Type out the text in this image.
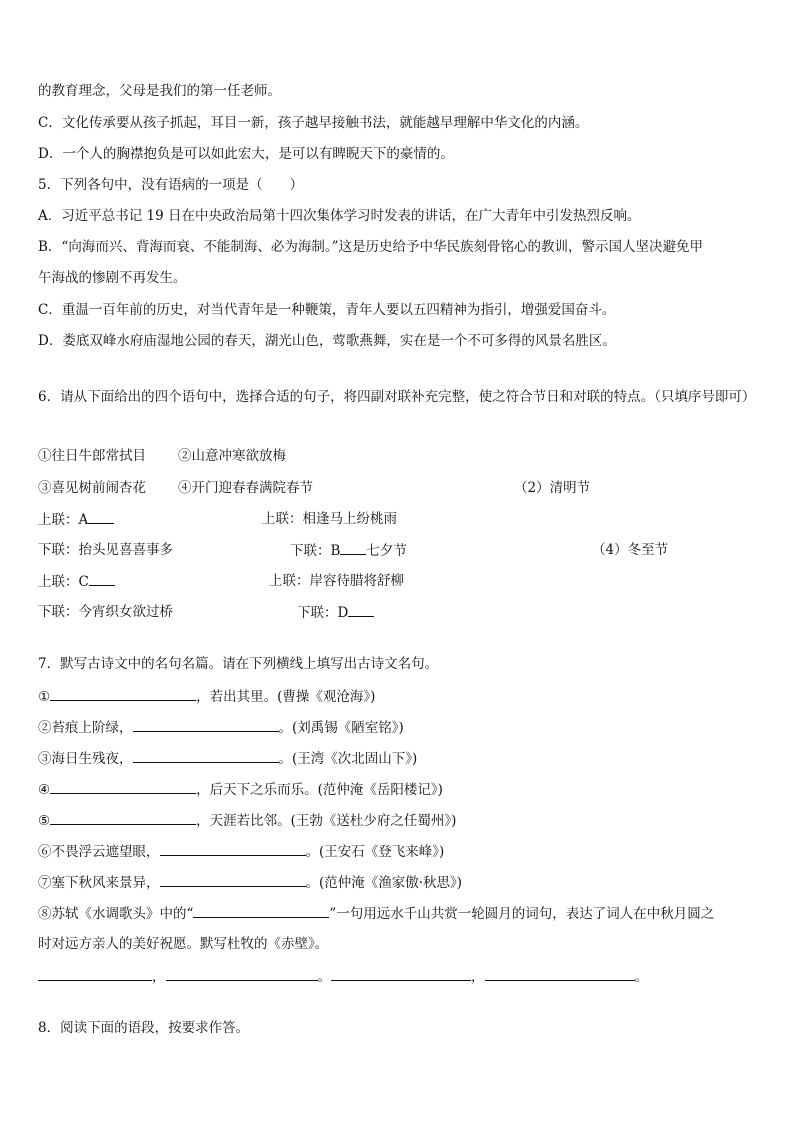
的教育理念，父母是我们的第一任老师。
C．文化传承要从孩子抓起，耳目一新，孩子越早接触书法，就能越早理解中华文化的内涵。
D．一个人的胸襟抱负是可以如此宏大，是可以有睥睨天下的豪情的。
5．下列各句中，没有语病的一项是（　　）
A．习近平总书记 19 日在中央政治局第十四次集体学习时发表的讲话，在广大青年中引发热烈反响。
B．“向海而兴、背海而衰、不能制海、必为海制。”这是历史给予中华民族刻骨铭心的教训，警示国人坚决避免甲
午海战的惨剧不再发生。
C．重温一百年前的历史，对当代青年是一种鞭策，青年人要以五四精神为指引，增强爱国奋斗。
D．娄底双峰水府庙湿地公园的春天，湖光山色，莺歌燕舞，实在是一个不可多得的风景名胜区。
6．请从下面给出的四个语句中，选择合适的句子，将四副对联补充完整，使之符合节日和对联的特点。（只填序号即可）
①往日牛郎常拭目 ②山意冲寒欲放梅
③喜见树前闹杏花 ④开门迎春春满院春节	（2）清明节
上联：A	上联：相逢马上纷桃雨
下联：抬头见喜喜事多	下联：B 七夕节	（4）冬至节
上联：C	上联：岸容待腊将舒柳
下联：今宵织女欲过桥	下联：D
7．默写古诗文中的名句名篇。请在下列横线上填写出古诗文名句。
①	，若出其里。(曹操《观沧海》)
②苔痕上阶绿，	。(刘禹锡《陋室铭》)
③海日生残夜，	。(王湾《次北固山下》)
④	，后天下之乐而乐。(范仲淹《岳阳楼记》)
⑤	，天涯若比邻。(王勃《送杜少府之任蜀州》)
⑥不畏浮云遮望眼，	。(王安石《登飞来峰》)
⑦塞下秋风来景异，	。(范仲淹《渔家傲·秋思》)
⑧苏轼《水调歌头》中的“	”一句用远水千山共赏一轮圆月的词句，表达了词人在中秋月圆之
时对远方亲人的美好祝愿。默写杜牧的《赤壁》。
，	。	，	。
8．阅读下面的语段，按要求作答。
